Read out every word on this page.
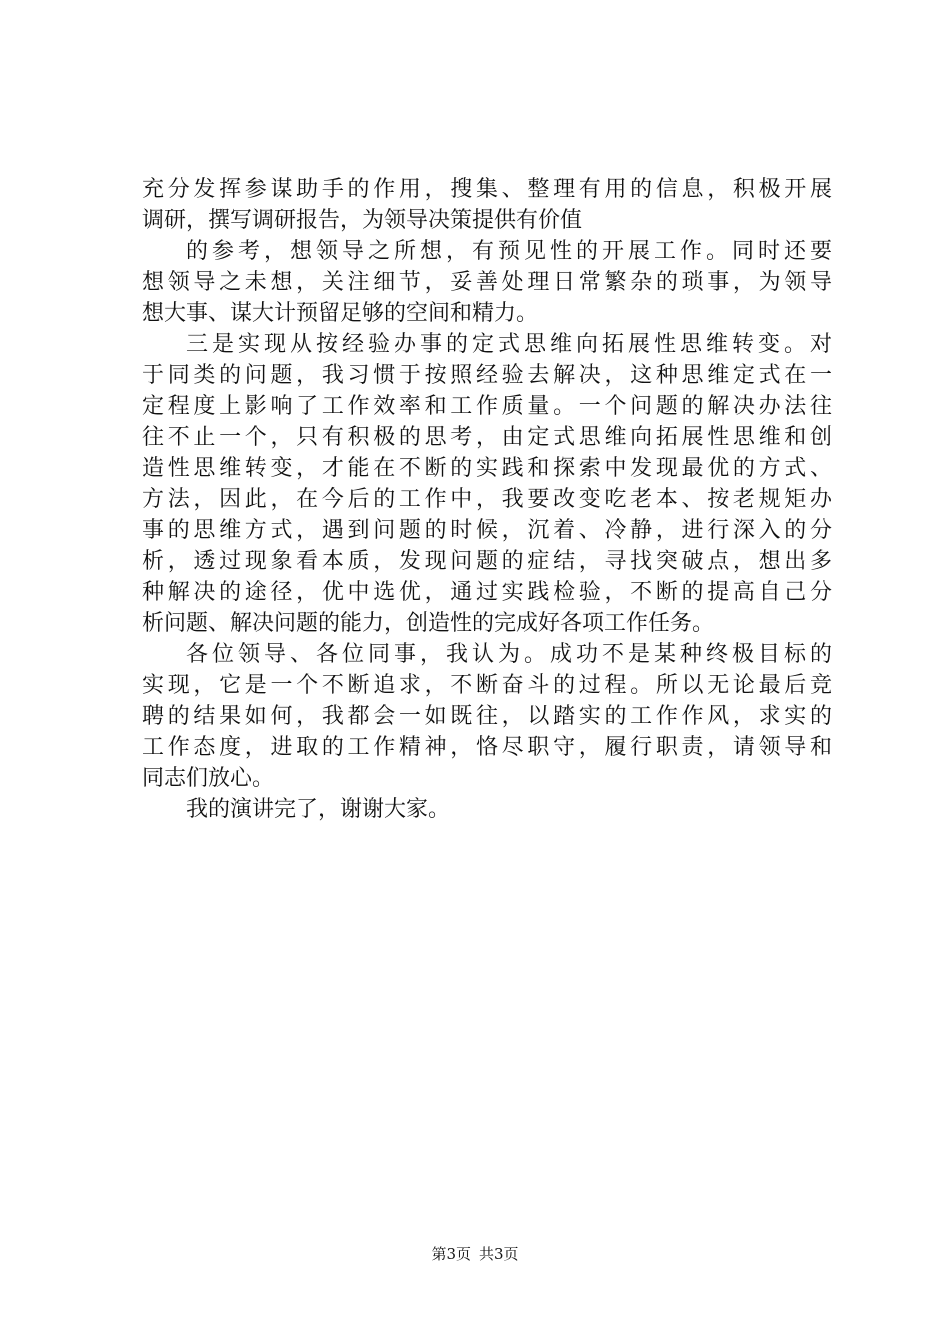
充分发挥参谋助手的作用，搜集、整理有用的信息，积极开展
调研，撰写调研报告，为领导决策提供有价值
的参考，想领导之所想，有预见性的开展工作。同时还要
想领导之未想，关注细节，妥善处理日常繁杂的琐事，为领导
想大事、谋大计预留足够的空间和精力。
三是实现从按经验办事的定式思维向拓展性思维转变。对
于同类的问题，我习惯于按照经验去解决，这种思维定式在一
定程度上影响了工作效率和工作质量。一个问题的解决办法往
往不止一个，只有积极的思考，由定式思维向拓展性思维和创
造性思维转变，才能在不断的实践和探索中发现最优的方式、
方法，因此，在今后的工作中，我要改变吃老本、按老规矩办
事的思维方式，遇到问题的时候，沉着、冷静，进行深入的分
析，透过现象看本质，发现问题的症结，寻找突破点，想出多
种解决的途径，优中选优，通过实践检验，不断的提高自己分
析问题、解决问题的能力，创造性的完成好各项工作任务。
各位领导、各位同事，我认为。成功不是某种终极目标的
实现，它是一个不断追求，不断奋斗的过程。所以无论最后竞
聘的结果如何，我都会一如既往，以踏实的工作作风，求实的
工作态度，进取的工作精神，恪尽职守，履行职责，请领导和
同志们放心。
我的演讲完了，谢谢大家。
第3页 共3页
